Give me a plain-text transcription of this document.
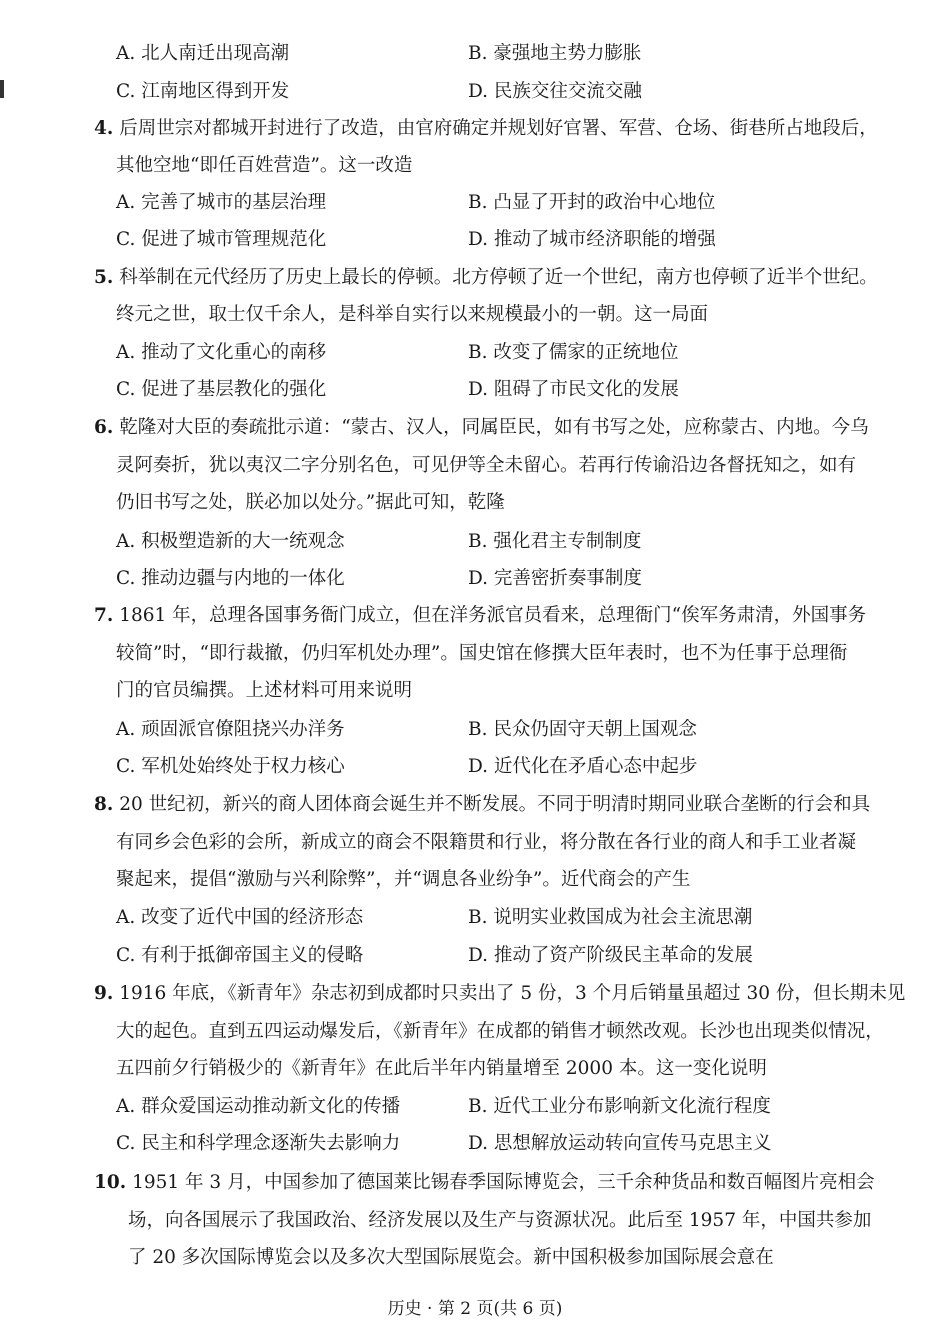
A. 北人南迁出现高潮	B. 豪强地主势力膨胀
C. 江南地区得到开发	D. 民族交往交流交融
4. 后周世宗对都城开封进行了改造，由官府确定并规划好官署、军营、仓场、街巷所占地段后，
其他空地“即任百姓营造”。这一改造
A. 完善了城市的基层治理	B. 凸显了开封的政治中心地位
C. 促进了城市管理规范化	D. 推动了城市经济职能的增强
5. 科举制在元代经历了历史上最长的停顿。北方停顿了近一个世纪，南方也停顿了近半个世纪。
终元之世，取士仅千余人，是科举自实行以来规模最小的一朝。这一局面
A. 推动了文化重心的南移	B. 改变了儒家的正统地位
C. 促进了基层教化的强化	D. 阻碍了市民文化的发展
6. 乾隆对大臣的奏疏批示道：“蒙古、汉人，同属臣民，如有书写之处，应称蒙古、内地。今乌
灵阿奏折，犹以夷汉二字分别名色，可见伊等全未留心。若再行传谕沿边各督抚知之，如有
仍旧书写之处，朕必加以处分。”据此可知，乾隆
A. 积极塑造新的大一统观念	B. 强化君主专制制度
C. 推动边疆与内地的一体化	D. 完善密折奏事制度
7. 1861 年，总理各国事务衙门成立，但在洋务派官员看来，总理衙门“俟军务肃清，外国事务
较简”时，“即行裁撤，仍归军机处办理”。国史馆在修撰大臣年表时，也不为任事于总理衙
门的官员编撰。上述材料可用来说明
A. 顽固派官僚阻挠兴办洋务	B. 民众仍固守天朝上国观念
C. 军机处始终处于权力核心	D. 近代化在矛盾心态中起步
8. 20 世纪初，新兴的商人团体商会诞生并不断发展。不同于明清时期同业联合垄断的行会和具
有同乡会色彩的会所，新成立的商会不限籍贯和行业，将分散在各行业的商人和手工业者凝
聚起来，提倡“激励与兴利除弊”，并“调息各业纷争”。近代商会的产生
A. 改变了近代中国的经济形态	B. 说明实业救国成为社会主流思潮
C. 有利于抵御帝国主义的侵略	D. 推动了资产阶级民主革命的发展
9. 1916 年底，《新青年》杂志初到成都时只卖出了 5 份，3 个月后销量虽超过 30 份，但长期未见
大的起色。直到五四运动爆发后，《新青年》在成都的销售才顿然改观。长沙也出现类似情况，
五四前夕行销极少的《新青年》在此后半年内销量增至 2000 本。这一变化说明
A. 群众爱国运动推动新文化的传播	B. 近代工业分布影响新文化流行程度
C. 民主和科学理念逐渐失去影响力	D. 思想解放运动转向宣传马克思主义
10. 1951 年 3 月，中国参加了德国莱比锡春季国际博览会，三千余种货品和数百幅图片亮相会
场，向各国展示了我国政治、经济发展以及生产与资源状况。此后至 1957 年，中国共参加
了 20 多次国际博览会以及多次大型国际展览会。新中国积极参加国际展会意在
历史 · 第 2 页(共 6 页)
